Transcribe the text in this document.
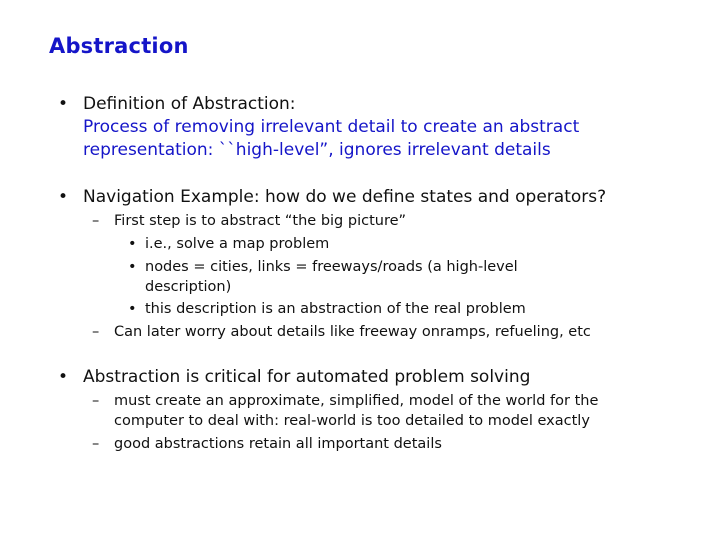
Abstraction
• Definition of Abstraction:
Process of removing irrelevant detail to create an abstract
representation: ``high-level”, ignores irrelevant details
• Navigation Example: how do we define states and operators?
– First step is to abstract “the big picture”
• i.e., solve a map problem
• nodes = cities, links = freeways/roads (a high-level
description)
• this description is an abstraction of the real problem
– Can later worry about details like freeway onramps, refueling, etc
• Abstraction is critical for automated problem solving
– must create an approximate, simplified, model of the world for the
computer to deal with: real-world is too detailed to model exactly
– good abstractions retain all important details
